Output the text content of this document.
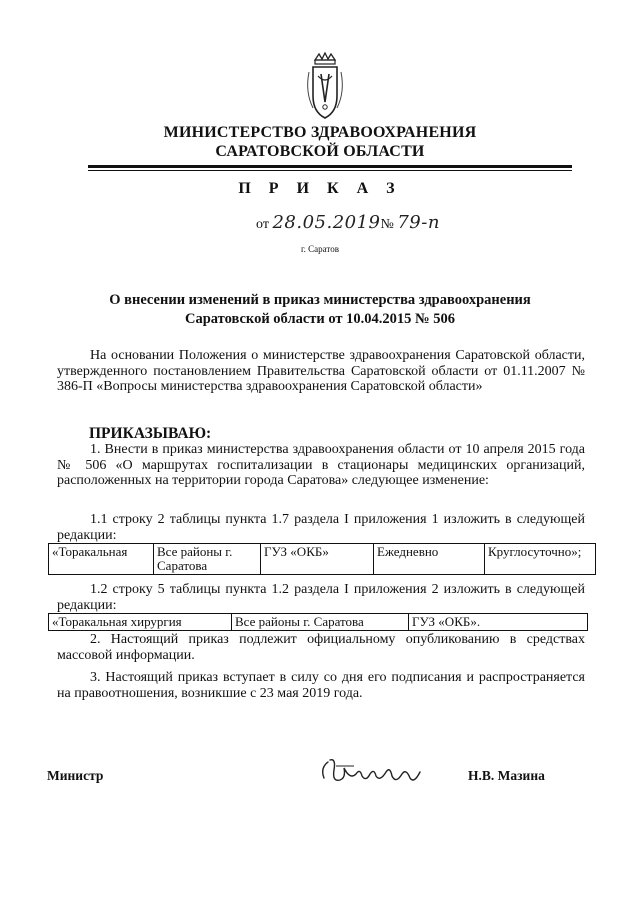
МИНИСТЕРСТВО ЗДРАВООХРАНЕНИЯ
САРАТОВСКОЙ ОБЛАСТИ
П Р И К А З
от 28.05.2019№ 79-п
г. Саратов
О внесении изменений в приказ министерства здравоохранения
Саратовской области от 10.04.2015 № 506
На основании Положения о министерстве здравоохранения Саратовской области, утвержденного постановлением Правительства Саратовской области от 01.11.2007 № 386-П «Вопросы министерства здравоохранения Саратовской области»
ПРИКАЗЫВАЮ:
1. Внести в приказ министерства здравоохранения области от 10 апреля 2015 года № 506 «О маршрутах госпитализации в стационары медицинских организаций, расположенных на территории города Саратова» следующее изменение:
1.1 строку 2 таблицы пункта 1.7 раздела I приложения 1 изложить в следующей редакции:
«Торакальная	Все районы г. Саратова	ГУЗ «ОКБ»	Ежедневно	Круглосуточно»;
1.2 строку 5 таблицы пункта 1.2 раздела I приложения 2 изложить в следующей редакции:
«Торакальная хирургия	Все районы г. Саратова	ГУЗ «ОКБ».
2. Настоящий приказ подлежит официальному опубликованию в средствах массовой информации.
3. Настоящий приказ вступает в силу со дня его подписания и распространяется на правоотношения, возникшие с 23 мая 2019 года.
Министр	Н.В. Мазина
